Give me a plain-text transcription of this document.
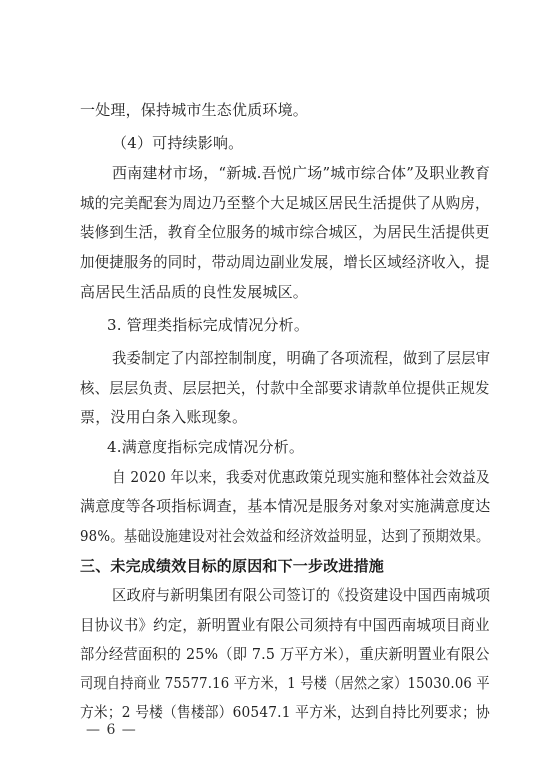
一处理，保持城市生态优质环境。
（4）可持续影响。
西南建材市场，“新城.吾悦广场”城市综合体”及职业教育
城的完美配套为周边乃至整个大足城区居民生活提供了从购房，
装修到生活，教育全位服务的城市综合城区，为居民生活提供更
加便捷服务的同时，带动周边副业发展，增长区域经济收入，提
高居民生活品质的良性发展城区。
3. 管理类指标完成情况分析。
我委制定了内部控制制度，明确了各项流程，做到了层层审
核、层层负责、层层把关，付款中全部要求请款单位提供正规发
票，没用白条入账现象。
4.满意度指标完成情况分析。
自 2020 年以来，我委对优惠政策兑现实施和整体社会效益及
满意度等各项指标调查，基本情况是服务对象对实施满意度达
98%。基础设施建设对社会效益和经济效益明显，达到了预期效果。
三、未完成绩效目标的原因和下一步改进措施
区政府与新明集团有限公司签订的《投资建设中国西南城项
目协议书》约定，新明置业有限公司须持有中国西南城项目商业
部分经营面积的 25%（即 7.5 万平方米），重庆新明置业有限公
司现自持商业 75577.16 平方米，1 号楼（居然之家）15030.06 平
方米；2 号楼（售楼部）60547.1 平方米，达到自持比列要求；协
— 6 —
